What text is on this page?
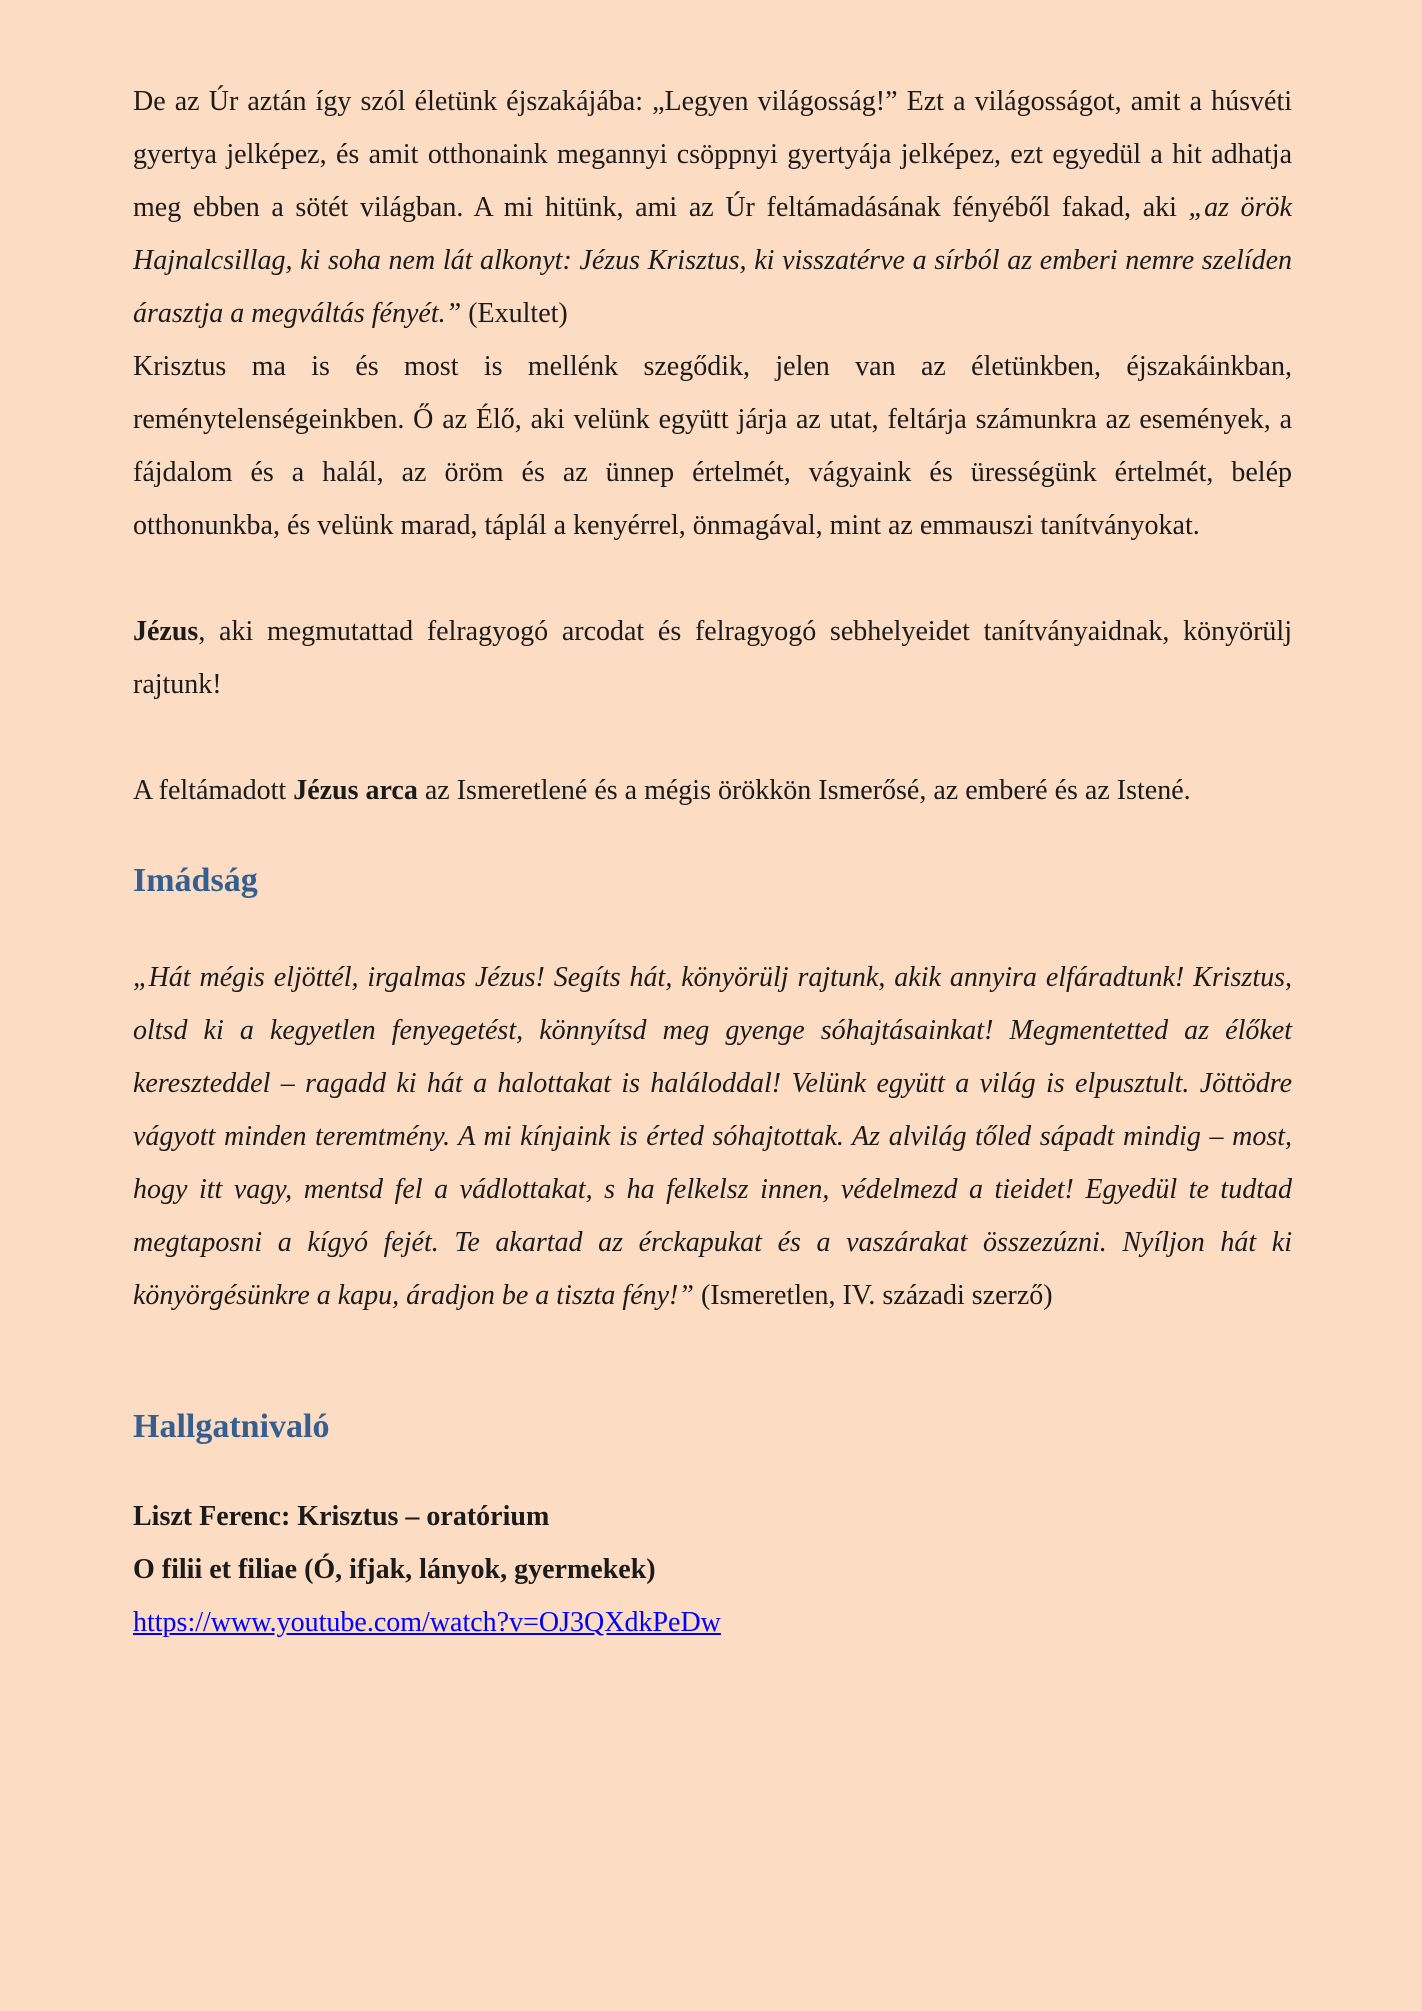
De az Úr aztán így szól életünk éjszakájába: „Legyen világosság!” Ezt a világosságot, amit a húsvéti gyertya jelképez, és amit otthonaink megannyi csöppnyi gyertyája jelképez, ezt egyedül a hit adhatja meg ebben a sötét világban. A mi hitünk, ami az Úr feltámadásának fényéből fakad, aki „az örök Hajnalcsillag, ki soha nem lát alkonyt: Jézus Krisztus, ki visszatérve a sírból az emberi nemre szelíden árasztja a megváltás fényét.” (Exultet)

Krisztus ma is és most is mellénk szegődik, jelen van az életünkben, éjszakáinkban, reménytelenségeinkben. Ő az Élő, aki velünk együtt járja az utat, feltárja számunkra az események, a fájdalom és a halál, az öröm és az ünnep értelmét, vágyaink és ürességünk értelmét, belép otthonunkba, és velünk marad, táplál a kenyérrel, önmagával, mint az emmauszi tanítványokat.

Jézus, aki megmutattad felragyogó arcodat és felragyogó sebhelyeidet tanítványaidnak, könyörülj rajtunk!

A feltámadott Jézus arca az Ismeretlené és a mégis örökkön Ismerősé, az emberé és az Istené.

Imádság

„Hát mégis eljöttél, irgalmas Jézus! Segíts hát, könyörülj rajtunk, akik annyira elfáradtunk! Krisztus, oltsd ki a kegyetlen fenyegetést, könnyítsd meg gyenge sóhajtásainkat! Megmentetted az élőket kereszteddel – ragadd ki hát a halottakat is haláloddal! Velünk együtt a világ is elpusztult. Jöttödre vágyott minden teremtmény. A mi kínjaink is érted sóhajtottak. Az alvilág tőled sápadt mindig – most, hogy itt vagy, mentsd fel a vádlottakat, s ha felkelsz innen, védelmezd a tieidet! Egyedül te tudtad megtaposni a kígyó fejét. Te akartad az érckapukat és a vaszárakat összezúzni. Nyíljon hát ki könyörgésünkre a kapu, áradjon be a tiszta fény!” (Ismeretlen, IV. századi szerző)

Hallgatnivaló

Liszt Ferenc: Krisztus – oratórium

O filii et filiae (Ó, ifjak, lányok, gyermekek)

https://www.youtube.com/watch?v=OJ3QXdkPeDw
